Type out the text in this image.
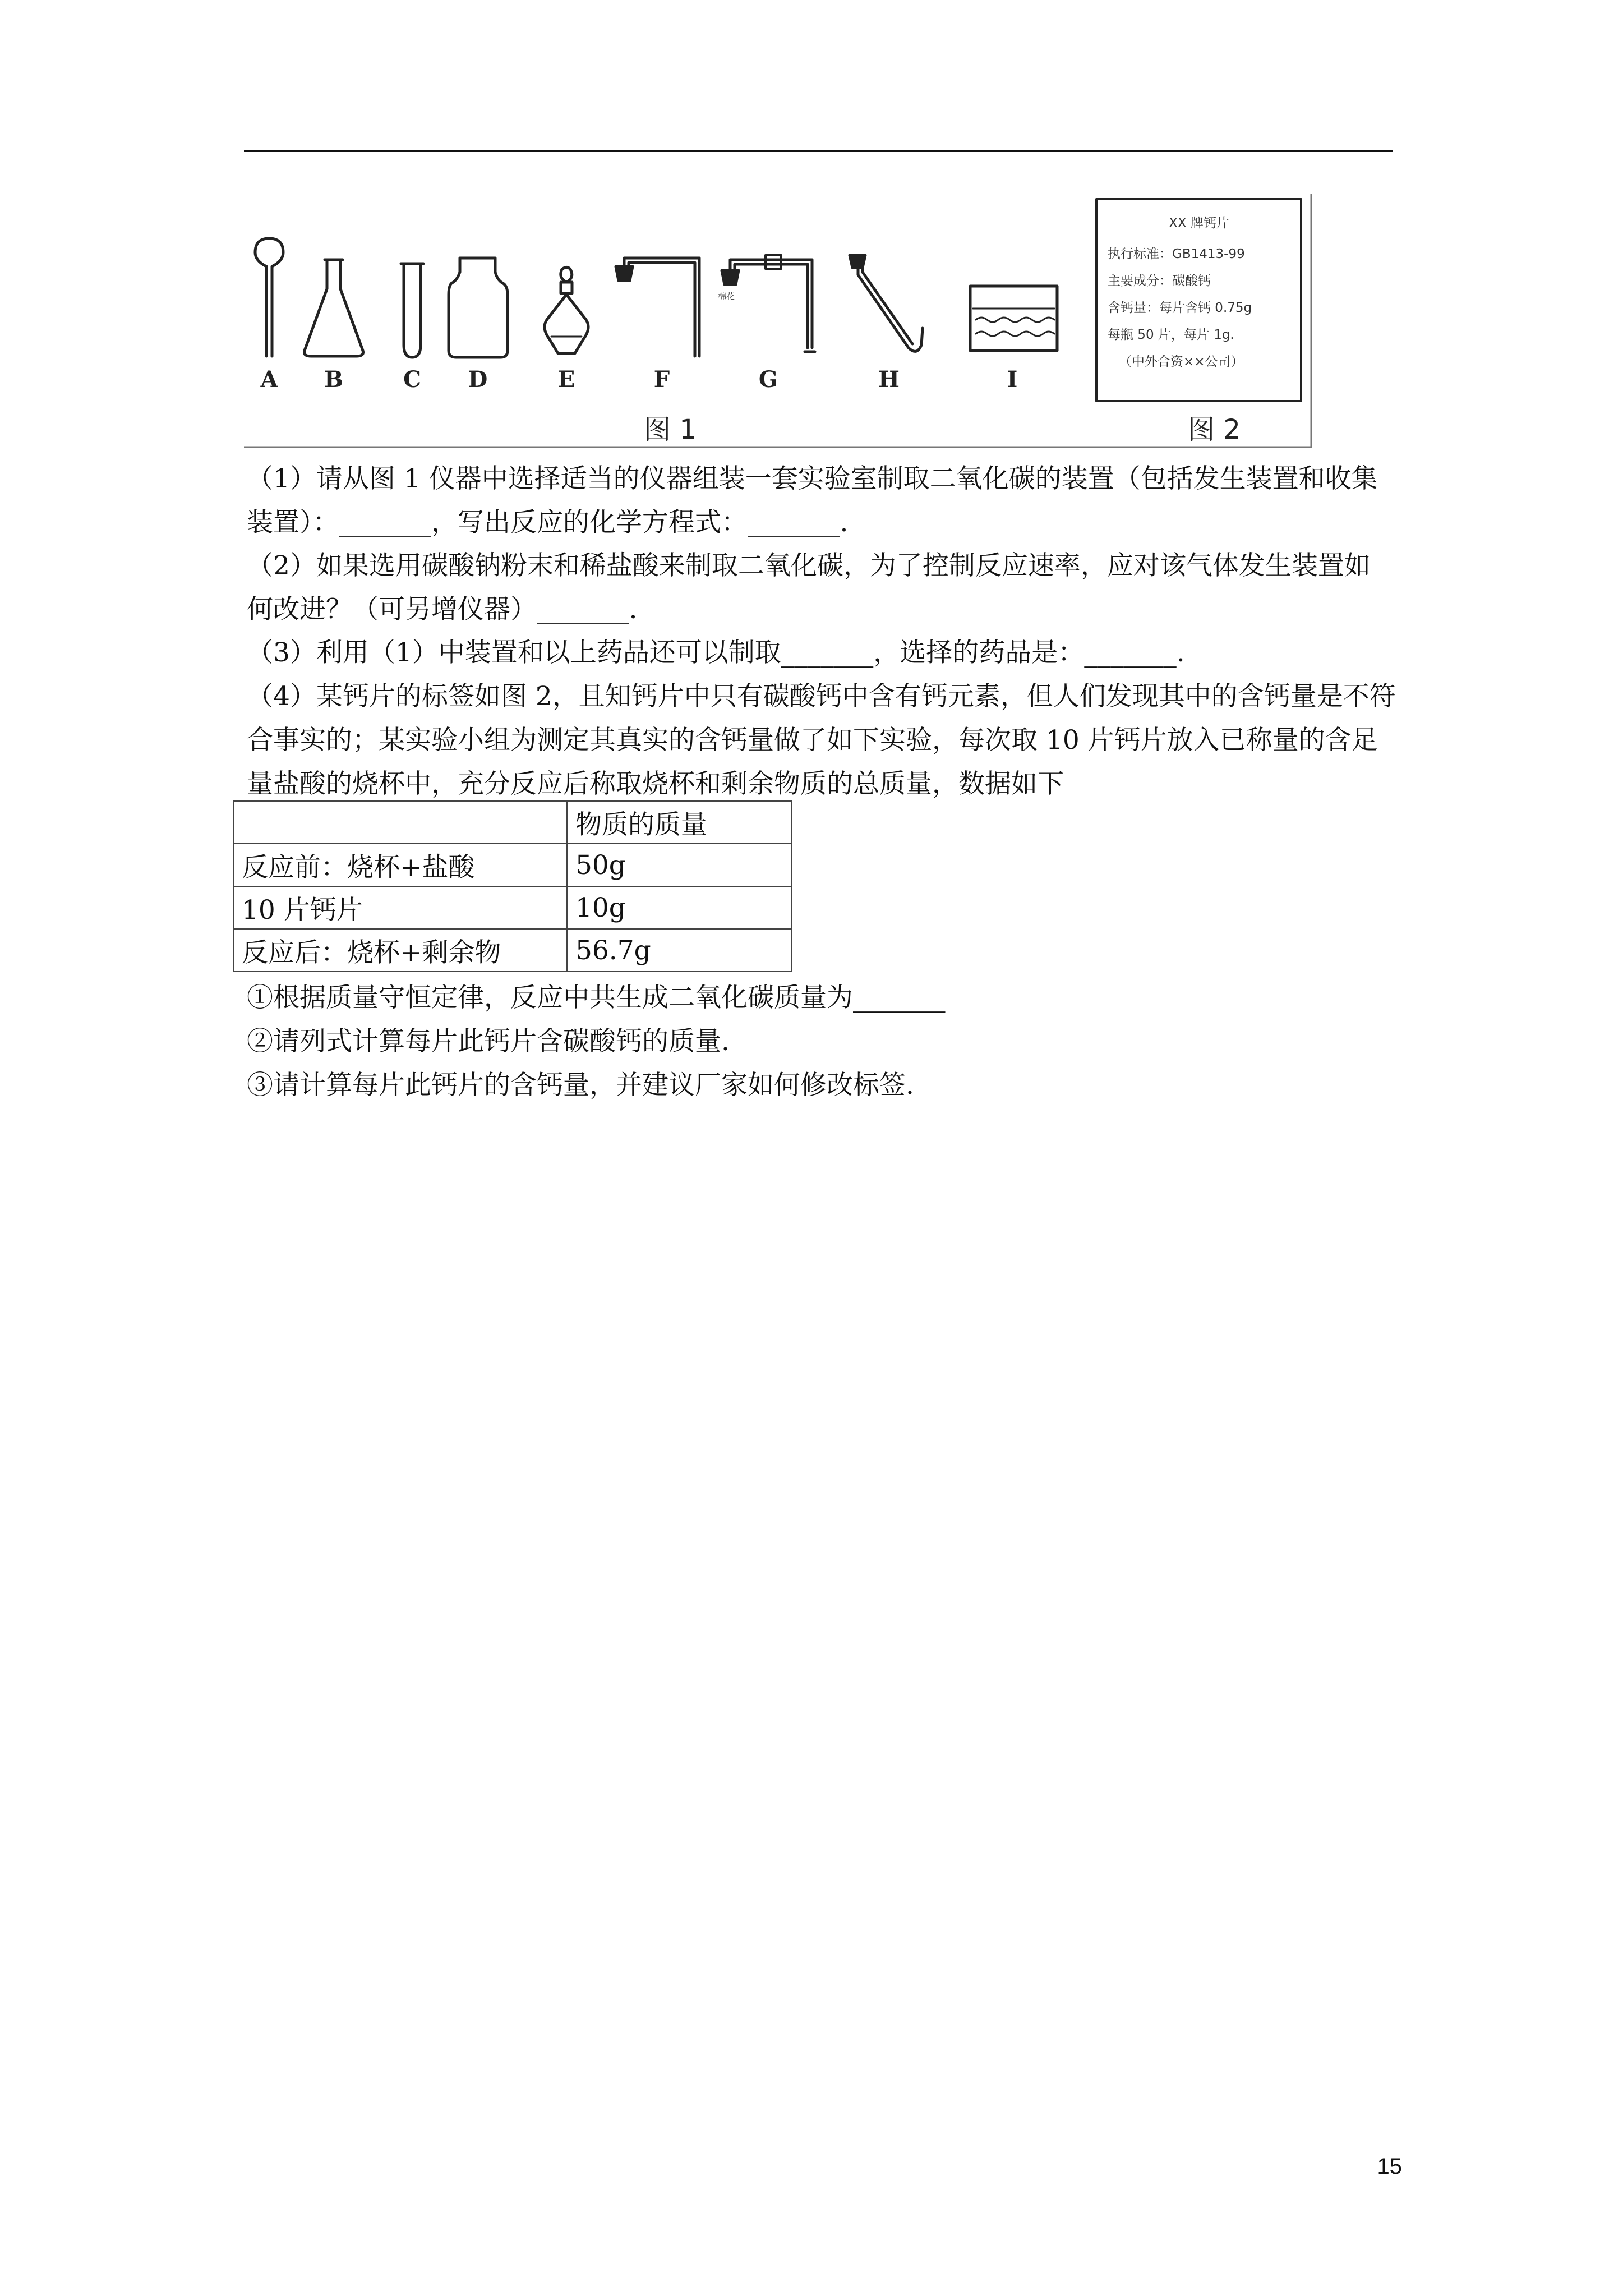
A B	C D	E	F	G	H	I
棉花
XX 牌钙片
执行标准：GB1413-99
主要成分：碳酸钙
含钙量：每片含钙 0.75g
每瓶 50 片，每片 1g.
（中外合资××公司）
图 1	图 2
（1）请从图 1 仪器中选择适当的仪器组装一套实验室制取二氧化碳的装置（包括发生装置和收集装置）：_______，写出反应的化学方程式：_______.
（2）如果选用碳酸钠粉末和稀盐酸来制取二氧化碳，为了控制反应速率，应对该气体发生装置如何改进？（可另增仪器）_______.
（3）利用（1）中装置和以上药品还可以制取_______，选择的药品是：_______.
（4）某钙片的标签如图 2，且知钙片中只有碳酸钙中含有钙元素，但人们发现其中的含钙量是不符合事实的；某实验小组为测定其真实的含钙量做了如下实验，每次取 10 片钙片放入已称量的含足量盐酸的烧杯中，充分反应后称取烧杯和剩余物质的总质量，数据如下
	物质的质量
反应前：烧杯+盐酸	50g
10 片钙片	10g
反应后：烧杯+剩余物	56.7g
①根据质量守恒定律，反应中共生成二氧化碳质量为_______
②请列式计算每片此钙片含碳酸钙的质量.
③请计算每片此钙片的含钙量，并建议厂家如何修改标签.
15
